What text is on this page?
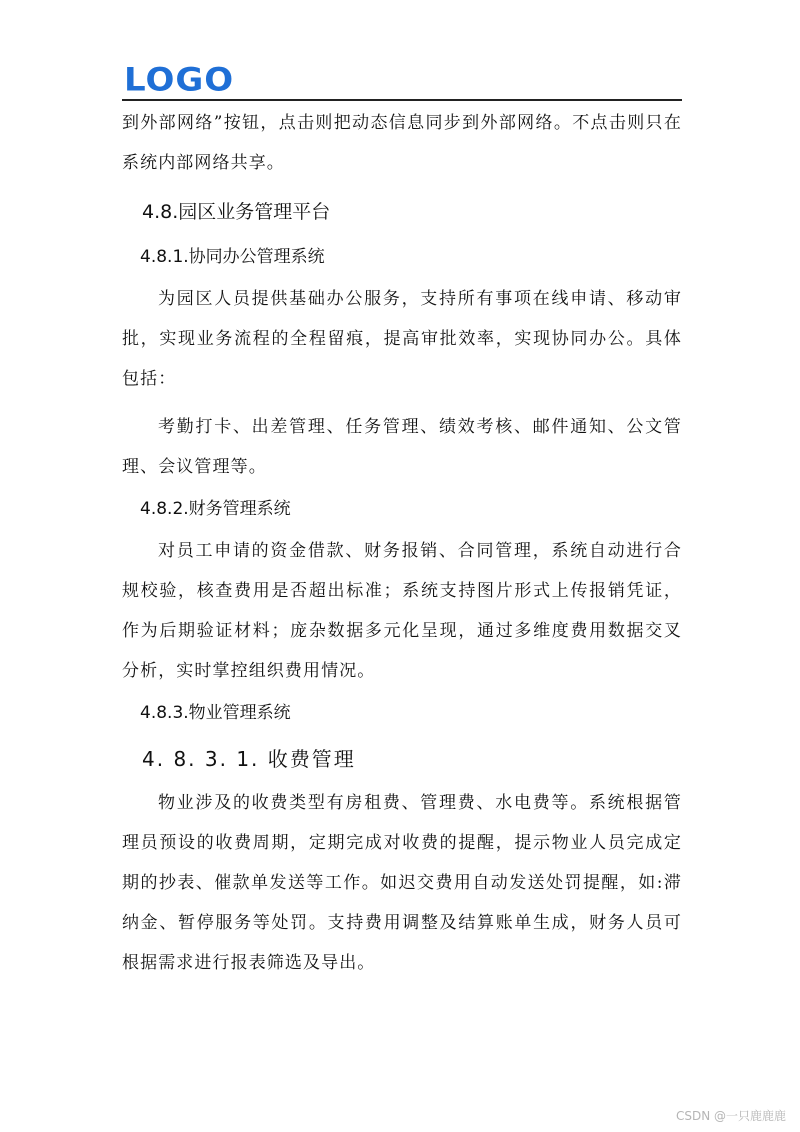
LOGO

到外部网络”按钮，点击则把动态信息同步到外部网络。不点击则只在系统内部网络共享。

4.8.园区业务管理平台
4.8.1.协同办公管理系统

为园区人员提供基础办公服务，支持所有事项在线申请、移动审批，实现业务流程的全程留痕，提高审批效率，实现协同办公。具体包括：

考勤打卡、出差管理、任务管理、绩效考核、邮件通知、公文管理、会议管理等。

4.8.2.财务管理系统

对员工申请的资金借款、财务报销、合同管理，系统自动进行合规校验，核查费用是否超出标准；系统支持图片形式上传报销凭证，作为后期验证材料；庞杂数据多元化呈现，通过多维度费用数据交叉分析，实时掌控组织费用情况。

4.8.3.物业管理系统
4. 8. 3. 1. 收费管理

物业涉及的收费类型有房租费、管理费、水电费等。系统根据管理员预设的收费周期，定期完成对收费的提醒，提示物业人员完成定期的抄表、催款单发送等工作。如迟交费用自动发送处罚提醒，如:滞纳金、暂停服务等处罚。支持费用调整及结算账单生成，财务人员可根据需求进行报表筛选及导出。

CSDN @一只鹿鹿鹿
